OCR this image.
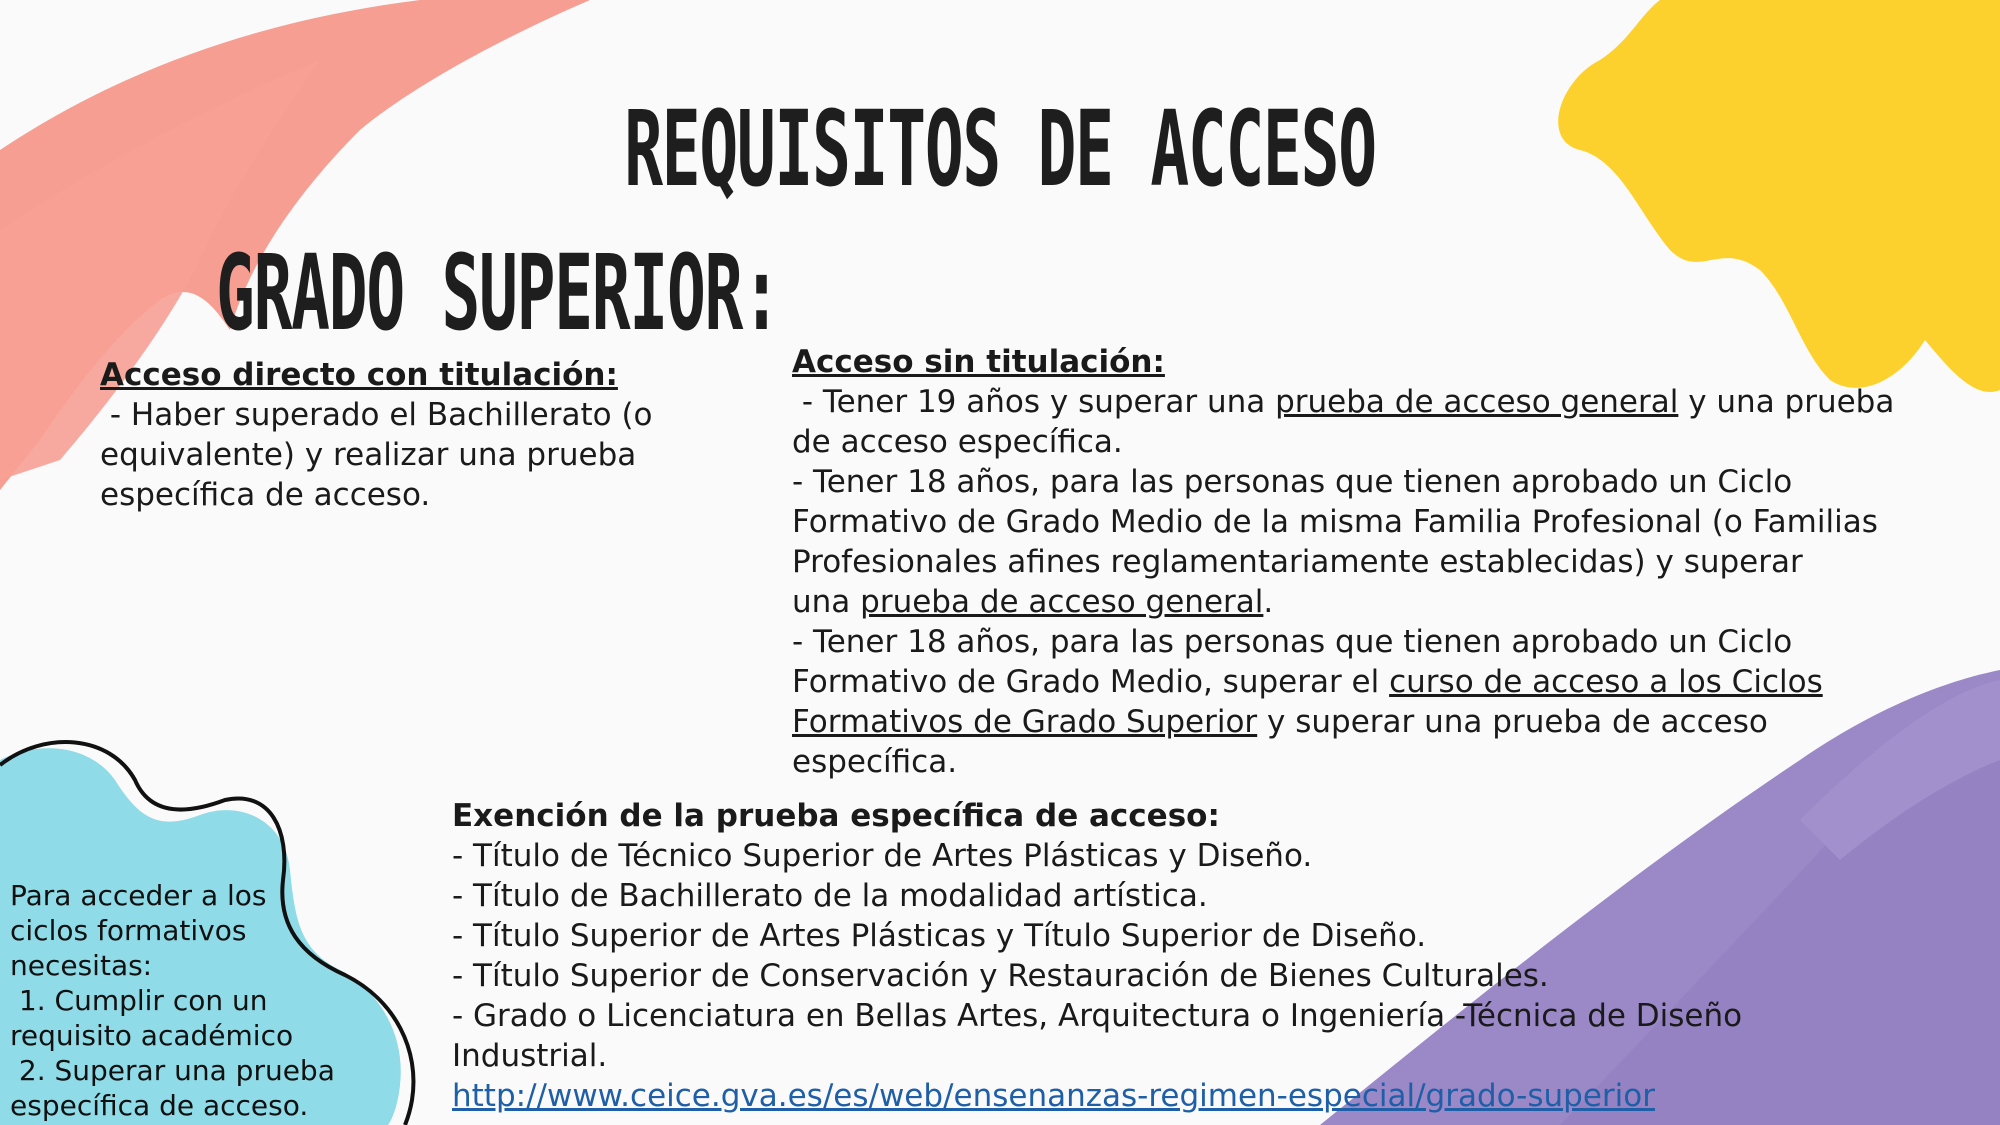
REQUISITOS DE ACCESO
GRADO SUPERIOR:
Acceso directo con titulación:
- Haber superado el Bachillerato (o
equivalente) y realizar una prueba
específica de acceso.
Acceso sin titulación:
- Tener 19 años y superar una prueba de acceso general y una prueba
de acceso específica.
- Tener 18 años, para las personas que tienen aprobado un Ciclo
Formativo de Grado Medio de la misma Familia Profesional (o Familias
Profesionales afines reglamentariamente establecidas) y superar
una prueba de acceso general.
- Tener 18 años, para las personas que tienen aprobado un Ciclo
Formativo de Grado Medio, superar el curso de acceso a los Ciclos
Formativos de Grado Superior y superar una prueba de acceso
específica.
Exención de la prueba específica de acceso:
- Título de Técnico Superior de Artes Plásticas y Diseño.
- Título de Bachillerato de la modalidad artística.
- Título Superior de Artes Plásticas y Título Superior de Diseño.
- Título Superior de Conservación y Restauración de Bienes Culturales.
- Grado o Licenciatura en Bellas Artes, Arquitectura o Ingeniería -Técnica de Diseño
Industrial.
http://www.ceice.gva.es/es/web/ensenanzas-regimen-especial/grado-superior
Para acceder a los
ciclos formativos
necesitas:
1. Cumplir con un
requisito académico
2. Superar una prueba
específica de acceso.
